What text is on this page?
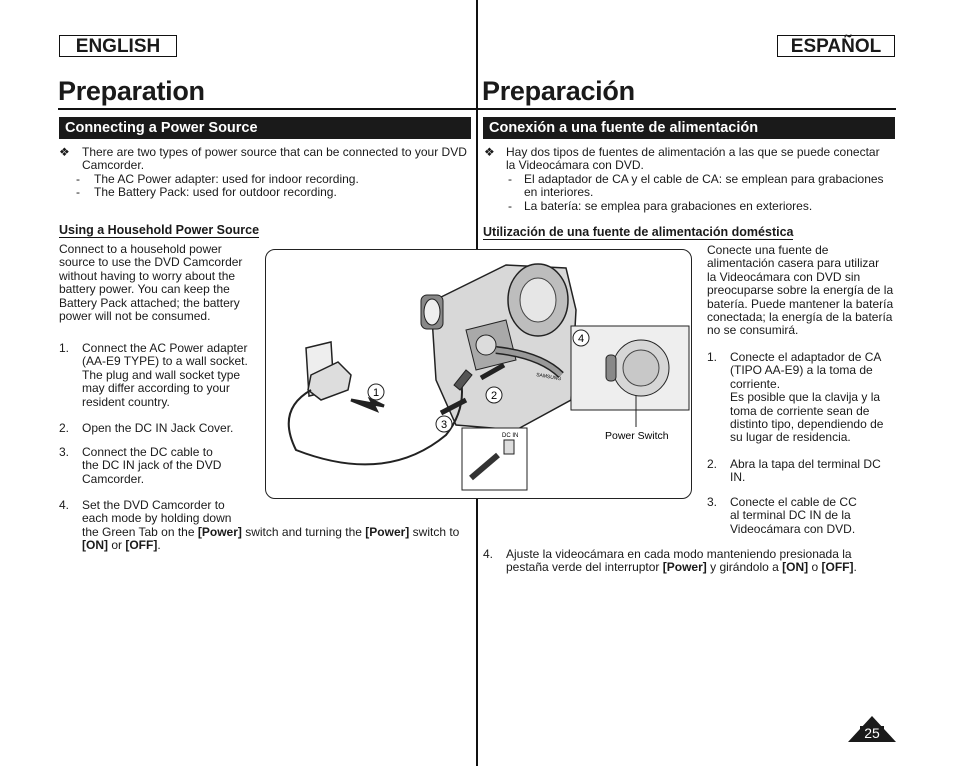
ENGLISH
Preparation
Connecting a Power Source
❖ There are two types of power source that can be connected to your DVD Camcorder.
- The AC Power adapter: used for indoor recording.
- The Battery Pack: used for outdoor recording.
Using a Household Power Source
Connect to a household power
source to use the DVD Camcorder
without having to worry about the
battery power. You can keep the
Battery Pack attached; the battery
power will not be consumed.
1. Connect the AC Power adapter
(AA-E9 TYPE) to a wall socket.
The plug and wall socket type
may differ according to your
resident country.
2. Open the DC IN Jack Cover.
3. Connect the DC cable to
the DC IN jack of the DVD
Camcorder.
4. Set the DVD Camcorder to
each mode by holding down
the Green Tab on the [Power] switch and turning the [Power] switch to
[ON] or [OFF].
ESPAÑOL
Preparación
Conexión a una fuente de alimentación
❖ Hay dos tipos de fuentes de alimentación a las que se puede conectar
la Videocámara con DVD.
- El adaptador de CA y el cable de CA: se emplean para grabaciones
en interiores.
- La batería: se emplea para grabaciones en exteriores.
Utilización de una fuente de alimentación doméstica
Conecte una fuente de
alimentación casera para utilizar
la Videocámara con DVD sin
preocuparse sobre la energía de la
batería. Puede mantener la batería
conectada; la energía de la batería
no se consumirá.
1. Conecte el adaptador de CA
(TIPO AA-E9) a la toma de
corriente.
Es posible que la clavija y la
toma de corriente sean de
distinto tipo, dependiendo de
su lugar de residencia.
2. Abra la tapa del terminal DC
IN.
3. Conecte el cable de CC
al terminal DC IN de la
Videocámara con DVD.
4. Ajuste la videocámara en cada modo manteniendo presionada la
pestaña verde del interruptor [Power] y girándolo a [ON] o [OFF].
1	2
3
DC IN
4
SAMSUNG
Power Switch
25
